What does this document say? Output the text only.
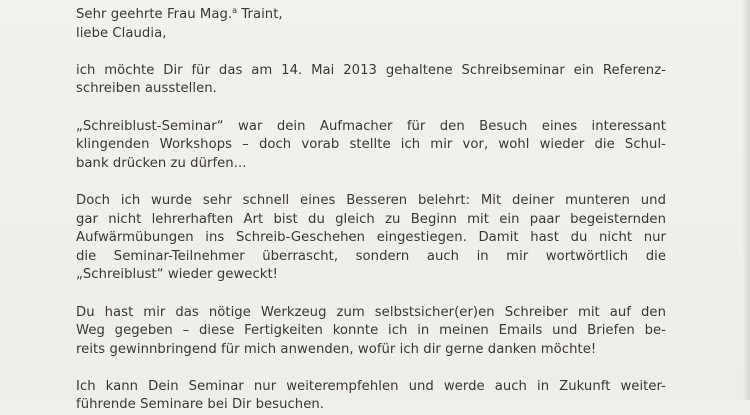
Sehr geehrte Frau Mag.$^a$ Traint,

liebe Claudia,

ich möchte Dir für das am 14. Mai 2013 gehaltene Schreibseminar ein Referenz-

schreiben ausstellen.

„Schreiblust-Seminar“ war dein Aufmacher für den Besuch eines interessant

klingenden Workshops – doch vorab stellte ich mir vor, wohl wieder die Schul-

bank drücken zu dürfen...

Doch ich wurde sehr schnell eines Besseren belehrt: Mit deiner munteren und

gar nicht lehrerhaften Art bist du gleich zu Beginn mit ein paar begeisternden

Aufwärmübungen ins Schreib-Geschehen eingestiegen. Damit hast du nicht nur

die Seminar-Teilnehmer überrascht, sondern auch in mir wortwörtlich die

„Schreiblust“ wieder geweckt!

Du hast mir das nötige Werkzeug zum selbstsicher(er)en Schreiber mit auf den

Weg gegeben – diese Fertigkeiten konnte ich in meinen Emails und Briefen be-

reits gewinnbringend für mich anwenden, wofür ich dir gerne danken möchte!

Ich kann Dein Seminar nur weiterempfehlen und werde auch in Zukunft weiter-

führende Seminare bei Dir besuchen.
